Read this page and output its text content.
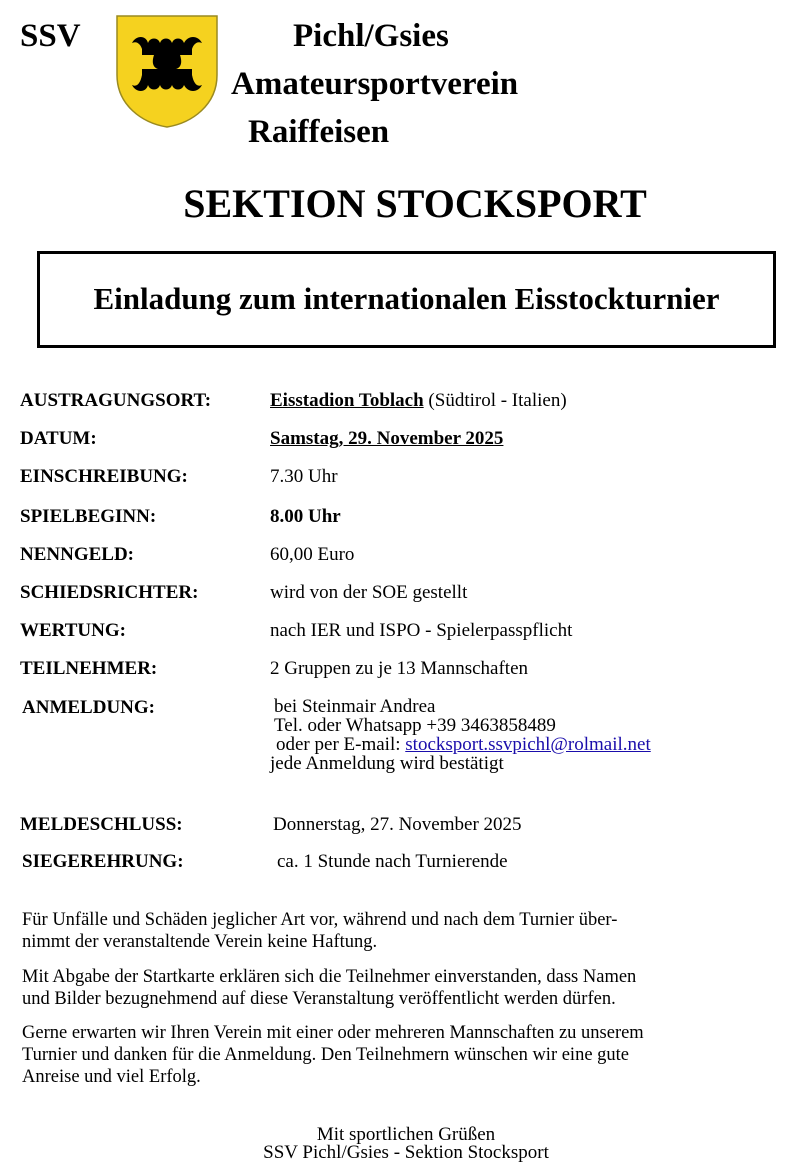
SSV	Pichl/Gsies
Amateursportverein
Raiffeisen
SEKTION STOCKSPORT
Einladung zum internationalen Eisstockturnier
AUSTRAGUNGSORT:	Eisstadion Toblach (Südtirol - Italien)
DATUM:	Samstag, 29. November 2025
EINSCHREIBUNG:	7.30 Uhr
SPIELBEGINN:	8.00 Uhr
NENNGELD:	60,00 Euro
SCHIEDSRICHTER:	wird von der SOE gestellt
WERTUNG:	nach IER und ISPO - Spielerpasspflicht
TEILNEHMER:	2 Gruppen zu je 13 Mannschaften
ANMELDUNG:	bei Steinmair Andrea
Tel. oder Whatsapp +39 3463858489
oder per E-mail: stocksport.ssvpichl@rolmail.net
jede Anmeldung wird bestätigt
MELDESCHLUSS:	Donnerstag, 27. November 2025
SIEGEREHRUNG:	ca. 1 Stunde nach Turnierende
Für Unfälle und Schäden jeglicher Art vor, während und nach dem Turnier über-
nimmt der veranstaltende Verein keine Haftung.
Mit Abgabe der Startkarte erklären sich die Teilnehmer einverstanden, dass Namen
und Bilder bezugnehmend auf diese Veranstaltung veröffentlicht werden dürfen.
Gerne erwarten wir Ihren Verein mit einer oder mehreren Mannschaften zu unserem
Turnier und danken für die Anmeldung. Den Teilnehmern wünschen wir eine gute
Anreise und viel Erfolg.
Mit sportlichen Grüßen
SSV Pichl/Gsies - Sektion Stocksport
